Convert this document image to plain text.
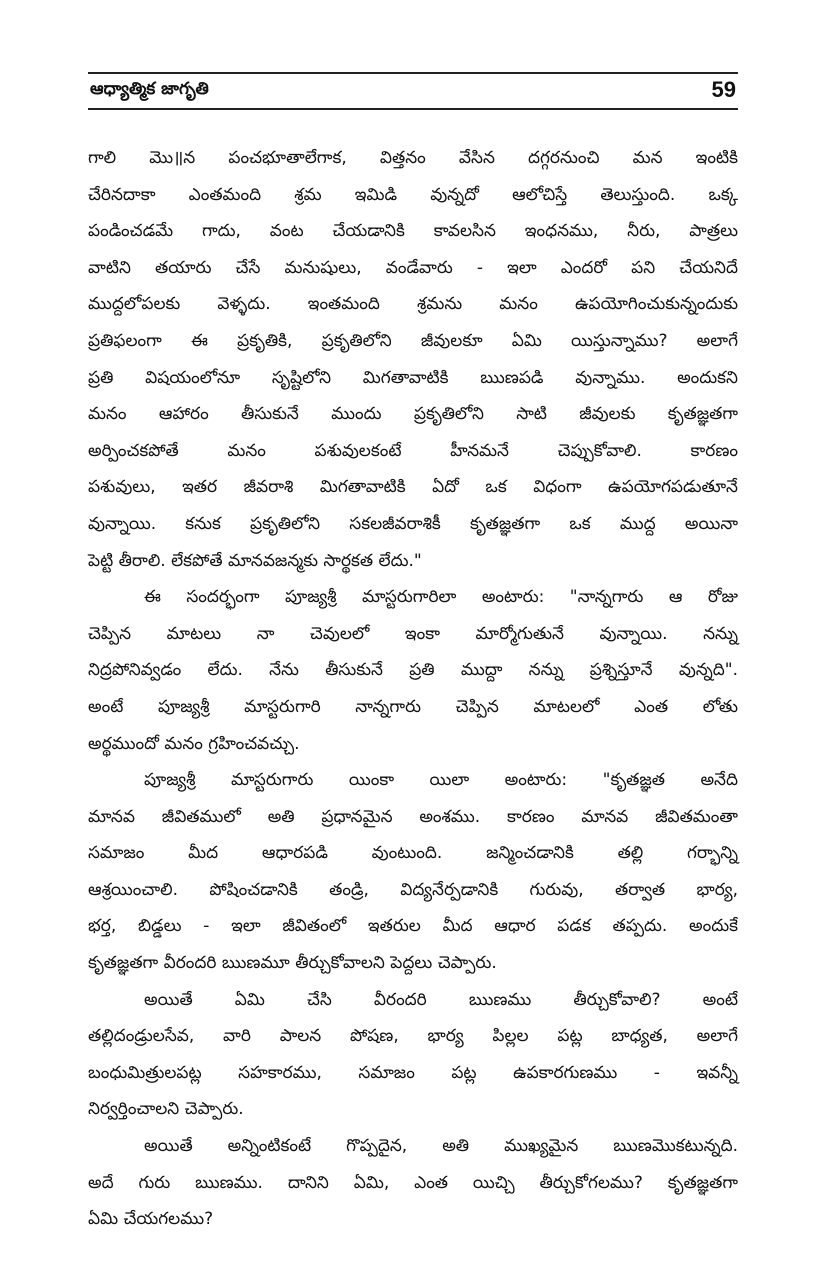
ఆధ్యాత్మిక జాగృతి	59
గాలి మొ॥న పంచభూతాలేగాక, విత్తనం వేసిన దగ్గరనుంచి మన ఇంటికి
చేరినదాకా ఎంతమంది శ్రమ ఇమిడి వున్నదో ఆలోచిస్తే తెలుస్తుంది. ఒక్క
పండించడమే గాదు, వంట చేయడానికి కావలసిన ఇంధనము, నీరు, పాత్రలు
వాటిని తయారు చేసే మనుషులు, వండేవారు - ఇలా ఎందరో పని చేయనిదే
ముద్దలోపలకు వెళ్ళదు. ఇంతమంది శ్రమను మనం ఉపయోగించుకున్నందుకు
ప్రతిఫలంగా ఈ ప్రకృతికి, ప్రకృతిలోని జీవులకూ ఏమి యిస్తున్నాము? అలాగే
ప్రతి విషయంలోనూ సృష్టిలోని మిగతావాటికి ఋణపడి వున్నాము. అందుకని
మనం ఆహారం తీసుకునే ముందు ప్రకృతిలోని సాటి జీవులకు కృతజ్ఞతగా
అర్పించకపోతే మనం పశువులకంటే హీనమనే చెప్పుకోవాలి. కారణం
పశువులు, ఇతర జీవరాశి మిగతావాటికి ఏదో ఒక విధంగా ఉపయోగపడుతూనే
వున్నాయి. కనుక ప్రకృతిలోని సకలజీవరాశికీ కృతజ్ఞతగా ఒక ముద్ద అయినా
పెట్టి తీరాలి. లేకపోతే మానవజన్మకు సార్థకత లేదు."
ఈ సందర్భంగా పూజ్యశ్రీ మాస్టరుగారిలా అంటారు: "నాన్నగారు ఆ రోజు
చెప్పిన మాటలు నా చెవులలో ఇంకా మార్మోగుతునే వున్నాయి. నన్ను
నిద్రపోనివ్వడం లేదు. నేను తీసుకునే ప్రతి ముద్దా నన్ను ప్రశ్నిస్తూనే వున్నది".
అంటే పూజ్యశ్రీ మాస్టరుగారి నాన్నగారు చెప్పిన మాటలలో ఎంత లోతు
అర్థముందో మనం గ్రహించవచ్చు.
పూజ్యశ్రీ మాస్టరుగారు యింకా యిలా అంటారు: "కృతజ్ఞత అనేది
మానవ జీవితములో అతి ప్రధానమైన అంశము. కారణం మానవ జీవితమంతా
సమాజం మీద ఆధారపడి వుంటుంది. జన్మించడానికి తల్లి గర్భాన్ని
ఆశ్రయించాలి. పోషించడానికి తండ్రి, విద్యనేర్పడానికి గురువు, తర్వాత భార్య,
భర్త, బిడ్డలు - ఇలా జీవితంలో ఇతరుల మీద ఆధార పడక తప్పదు. అందుకే
కృతజ్ఞతగా వీరందరి ఋణమూ తీర్చుకోవాలని పెద్దలు చెప్పారు.
అయితే ఏమి చేసి వీరందరి ఋణము తీర్చుకోవాలి? అంటే
తల్లిదండ్రులసేవ, వారి పాలన పోషణ, భార్య పిల్లల పట్ల బాధ్యత, అలాగే
బంధుమిత్రులపట్ల సహకారము, సమాజం పట్ల ఉపకారగుణము - ఇవన్నీ
నిర్వర్తించాలని చెప్పారు.
అయితే అన్నింటికంటే గొప్పదైన, అతి ముఖ్యమైన ఋణమొకటున్నది.
అదే గురు ఋణము. దానిని ఏమి, ఎంత యిచ్చి తీర్చుకోగలము? కృతజ్ఞతగా
ఏమి చేయగలము?
